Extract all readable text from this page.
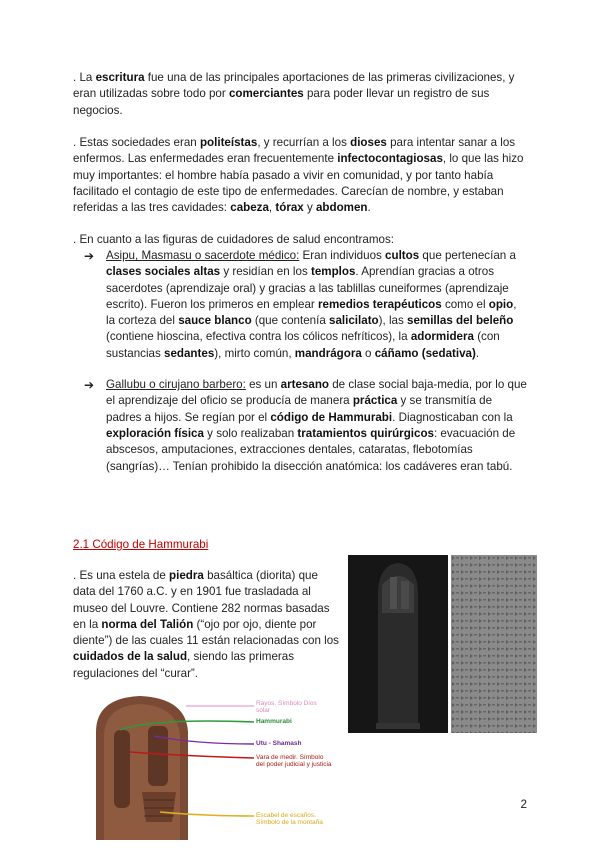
. La escritura fue una de las principales aportaciones de las primeras civilizaciones, y eran utilizadas sobre todo por comerciantes para poder llevar un registro de sus negocios.

. Estas sociedades eran politeístas, y recurrían a los dioses para intentar sanar a los enfermos. Las enfermedades eran frecuentemente infectocontagiosas, lo que las hizo muy importantes: el hombre había pasado a vivir en comunidad, y por tanto había facilitado el contagio de este tipo de enfermedades. Carecían de nombre, y estaban referidas a las tres cavidades: cabeza, tórax y abdomen.

. En cuanto a las figuras de cuidadores de salud encontramos:

➔ Asipu, Masmasu o sacerdote médico: Eran individuos cultos que pertenecían a clases sociales altas y residían en los templos. Aprendían gracias a otros sacerdotes (aprendizaje oral) y gracias a las tablillas cuneiformes (aprendizaje escrito). Fueron los primeros en emplear remedios terapéuticos como el opio, la corteza del sauce blanco (que contenía salicilato), las semillas del beleño (contiene hioscina, efectiva contra los cólicos nefríticos), la adormidera (con sustancias sedantes), mirto común, mandrágora o cáñamo (sedativa).
➔ Gallubu o cirujano barbero: es un artesano de clase social baja-media, por lo que el aprendizaje del oficio se producía de manera práctica y se transmitía de padres a hijos. Se regían por el código de Hammurabi. Diagnosticaban con la exploración física y solo realizaban tratamientos quirúrgicos: evacuación de abscesos, amputaciones, extracciones dentales, cataratas, flebotomías (sangrías)… Tenían prohibido la disección anatómica: los cadáveres eran tabú.
2.1 Código de Hammurabi

. Es una estela de piedra basáltica (diorita) que data del 1760 a.C. y en 1901 fue trasladada al museo del Louvre. Contiene 282 normas basadas en la norma del Talión (“ojo por ojo, diente por diente”) de las cuales 11 están relacionadas con los cuidados de la salud, siendo las primeras regulaciones del “curar”.

Rayos. Símbolo Dios solar
Hammurabi
Utu - Shamash
Vara de medir. Símbolo del poder judicial y justicia
Escabel de escaños. Símbolo de la montaña
2
